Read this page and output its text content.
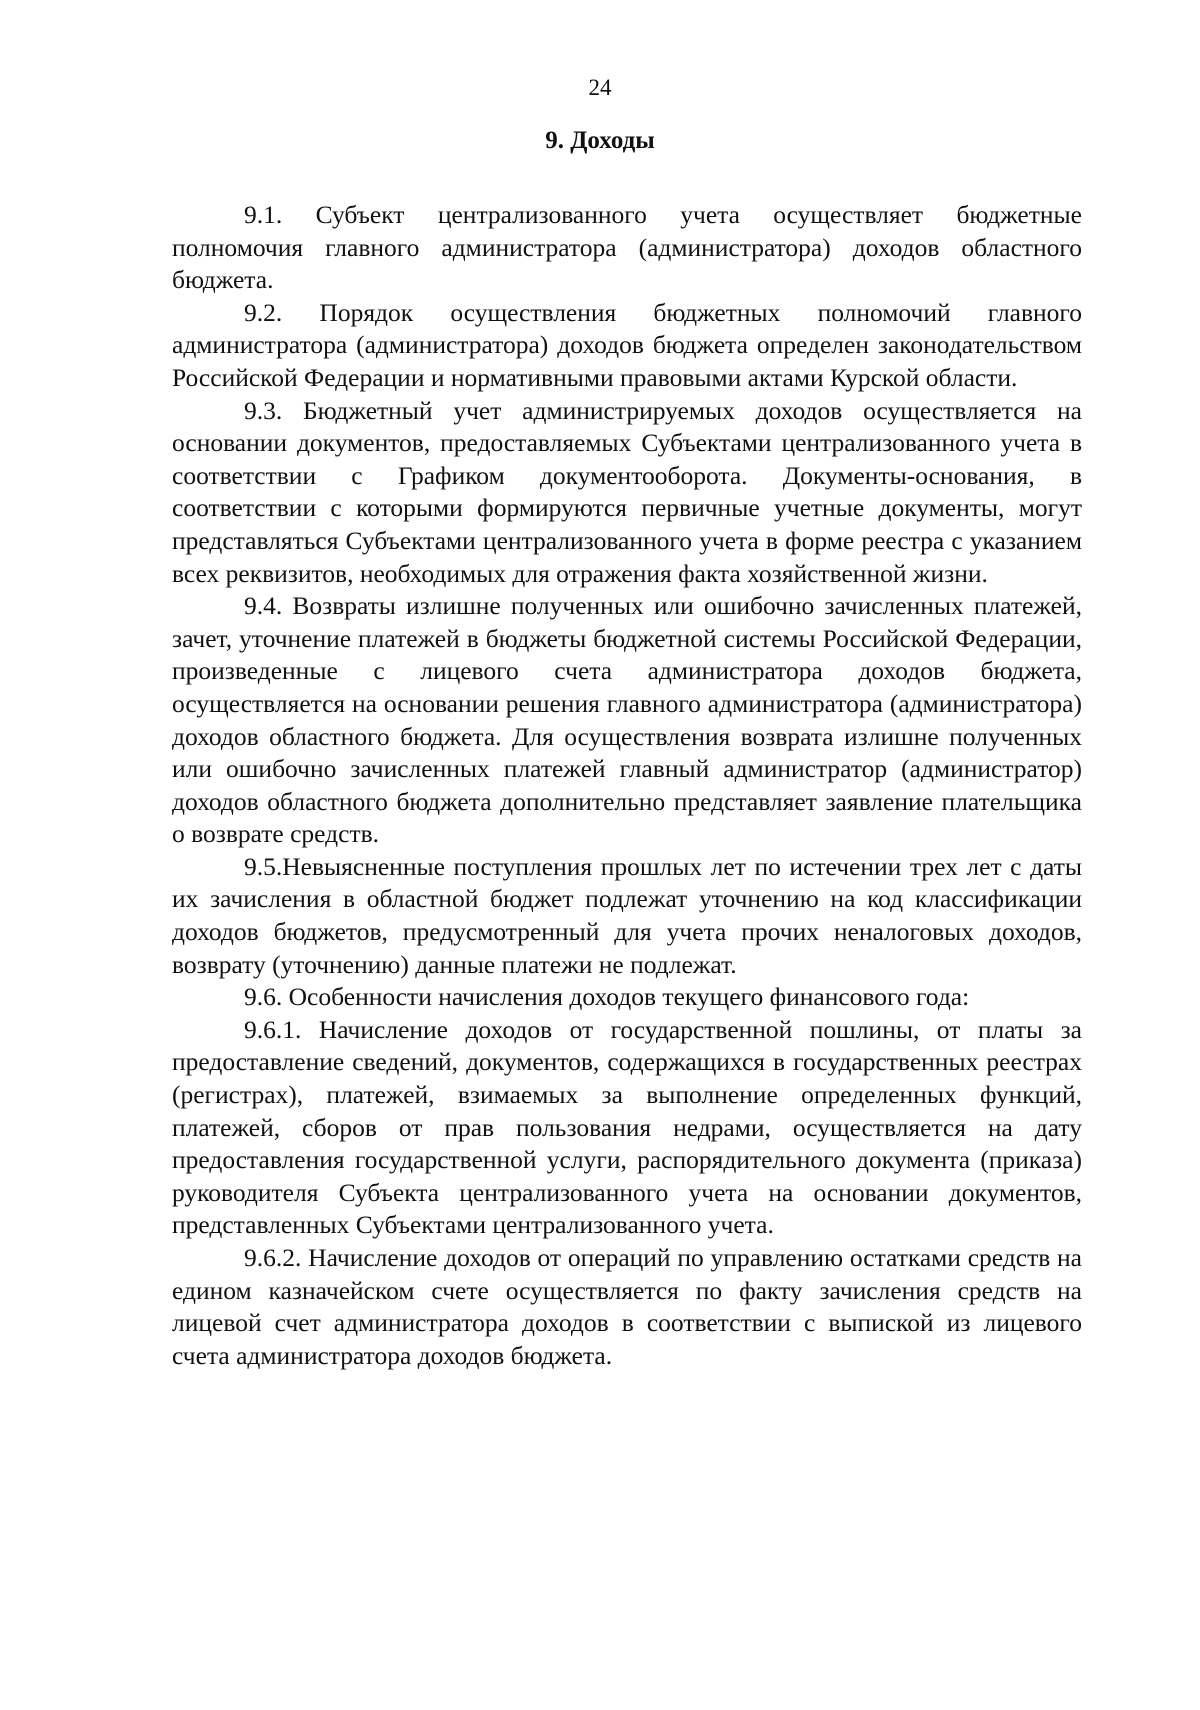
24
9. Доходы

9.1. Субъект централизованного учета осуществляет бюджетные полномочия главного администратора (администратора) доходов областного бюджета.

9.2. Порядок осуществления бюджетных полномочий главного администратора (администратора) доходов бюджета определен законодательством Российской Федерации и нормативными правовыми актами Курской области.

9.3. Бюджетный учет администрируемых доходов осуществляется на основании документов, предоставляемых Субъектами централизованного учета в соответствии с Графиком документооборота. Документы-основания, в соответствии с которыми формируются первичные учетные документы, могут представляться Субъектами централизованного учета в форме реестра с указанием всех реквизитов, необходимых для отражения факта хозяйственной жизни.

9.4. Возвраты излишне полученных или ошибочно зачисленных платежей, зачет, уточнение платежей в бюджеты бюджетной системы Российской Федерации, произведенные с лицевого счета администратора доходов бюджета, осуществляется на основании решения главного администратора (администратора) доходов областного бюджета. Для осуществления возврата излишне полученных или ошибочно зачисленных платежей главный администратор (администратор) доходов областного бюджета дополнительно представляет заявление плательщика о возврате средств.

9.5.Невыясненные поступления прошлых лет по истечении трех лет с даты их зачисления в областной бюджет подлежат уточнению на код классификации доходов бюджетов, предусмотренный для учета прочих неналоговых доходов, возврату (уточнению) данные платежи не подлежат.

9.6. Особенности начисления доходов текущего финансового года:

9.6.1. Начисление доходов от государственной пошлины, от платы за предоставление сведений, документов, содержащихся в государственных реестрах (регистрах), платежей, взимаемых за выполнение определенных функций, платежей, сборов от прав пользования недрами, осуществляется на дату предоставления государственной услуги, распорядительного документа (приказа) руководителя Субъекта централизованного учета на основании документов, представленных Субъектами централизованного учета.

9.6.2. Начисление доходов от операций по управлению остатками средств на едином казначейском счете осуществляется по факту зачисления средств на лицевой счет администратора доходов в соответствии с выпиской из лицевого счета администратора доходов бюджета.
